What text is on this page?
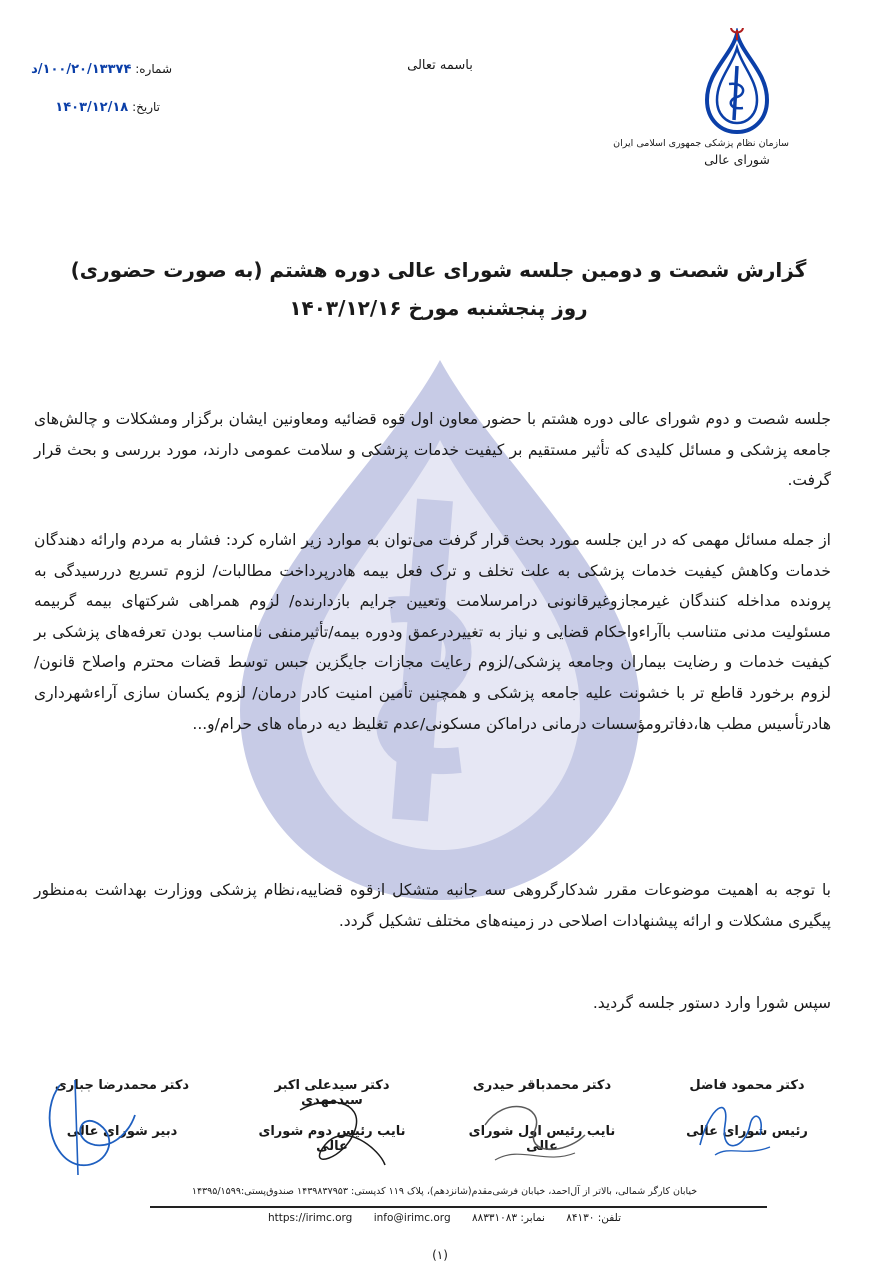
سازمان نظام پزشکی جمهوری اسلامی ایران
شورای عالی
باسمه تعالی
شماره: ۱۰۰/۲۰/۱۳۳۷۴/د
تاریخ: ۱۴۰۳/۱۲/۱۸
گزارش شصت و دومین جلسه شورای عالی دوره هشتم (به صورت حضوری)
روز پنجشنبه مورخ ۱۴۰۳/۱۲/۱۶
جلسه شصت و دوم شورای عالی دوره هشتم با حضور معاون اول قوه قضائیه ومعاونین ایشان برگزار ومشکلات و چالش‌های جامعه پزشکی و مسائل کلیدی که تأثیر مستقیم بر کیفیت خدمات پزشکی و سلامت عمومی دارند، مورد بررسی و بحث قرار گرفت.
از جمله مسائل مهمی که در این جلسه مورد بحث قرار گرفت می‌توان به موارد زیر اشاره کرد: فشار به مردم وارائه دهندگان خدمات وکاهش کیفیت خدمات پزشکی به علت تخلف و ترک فعل بیمه هادرپرداخت مطالبات/ لزوم تسریع دررسیدگی به پرونده مداخله کنندگان غیرمجازوغیرقانونی درامرسلامت وتعیین جرایم بازدارنده/ لزوم همراهی شرکتهای بیمه گربیمه مسئولیت مدنی متناسب باآراءواحکام قضایی و نیاز به تغییردرعمق ودوره بیمه/تأثیرمنفی نامناسب بودن تعرفه‌های پزشکی بر کیفیت خدمات و رضایت بیماران وجامعه پزشکی/لزوم رعایت مجازات جایگزین حبس توسط قضات محترم واصلاح قانون/ لزوم برخورد قاطع تر با خشونت علیه جامعه پزشکی و همچنین تأمین امنیت کادر درمان/ لزوم یکسان سازی آراءشهرداری هادرتأسیس مطب ها،دفاترومؤسسات درمانی دراماکن مسکونی/عدم تغلیظ دیه درماه های حرام/و...
با توجه به اهمیت موضوعات مقرر شدکارگروهی سه جانبه متشکل ازقوه قضاییه،نظام پزشکی ووزارت بهداشت به‌منظور پیگیری مشکلات و ارائه پیشنهادات اصلاحی در زمینه‌های مختلف تشکیل گردد.
سپس شورا وارد دستور جلسه گردید.
دکتر محمود فاضل
رئیس شورای عالی
دکتر محمدباقر حیدری
نایب رئیس اول شورای عالی
دکتر سیدعلی اکبر سیدمهدی
نایب رئیس دوم شورای عالی
دکتر محمدرضا جباری
دبیر شورای عالی
خیابان کارگر شمالی، بالاتر از آل‌احمد، خیابان فرشی‌مقدم(شانزدهم)، پلاک ۱۱۹ کدپستی: ۱۴۳۹۸۳۷۹۵۳ صندوق‌پستی:۱۴۳۹۵/۱۵۹۹
تلفن: ۸۴۱۳۰ نمابر: ۸۸۳۳۱۰۸۳ https://irimc.org info@irimc.org
(۱)
